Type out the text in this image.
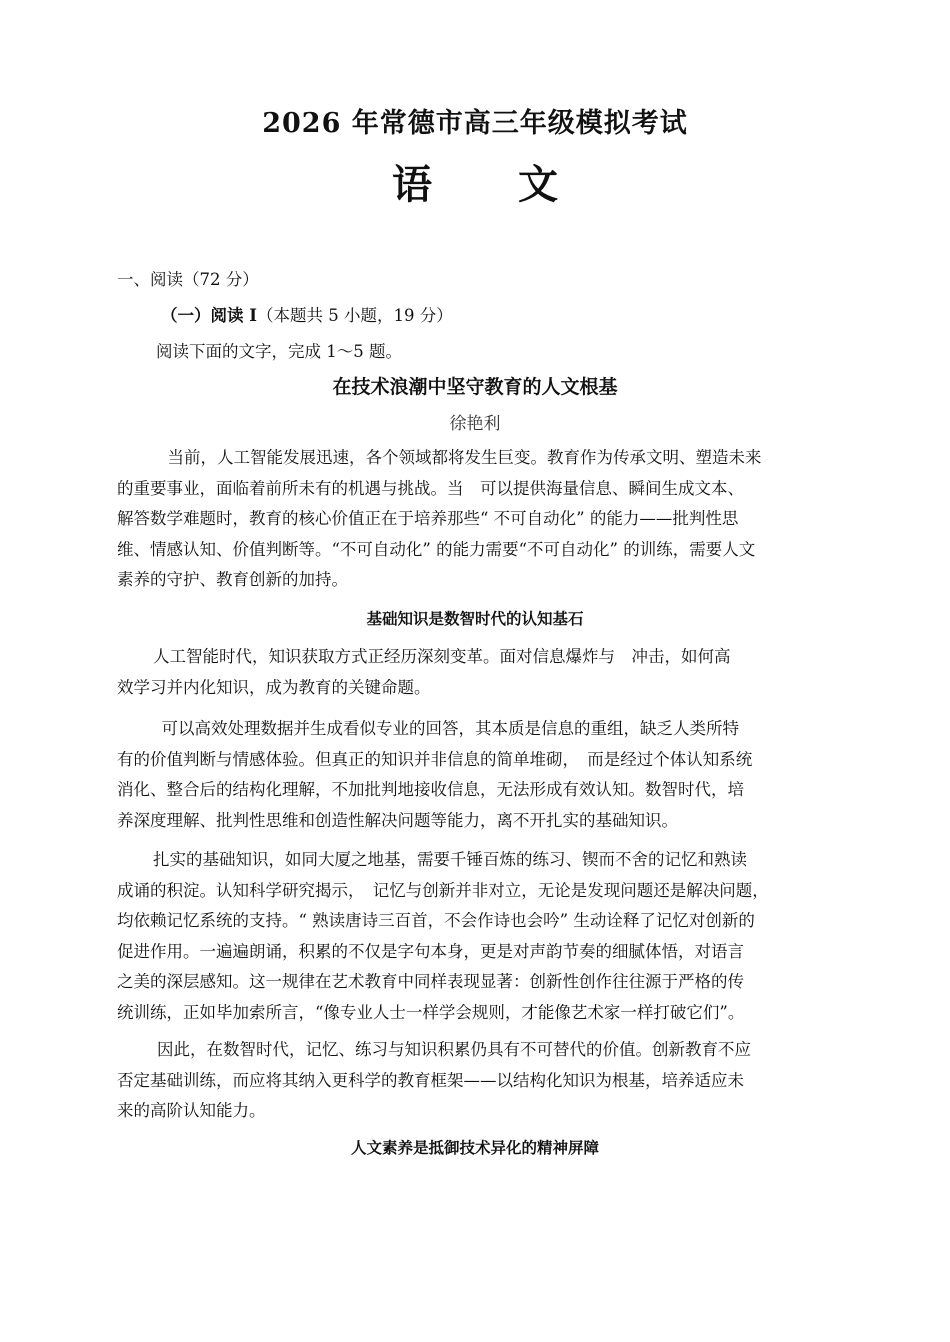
2026 年常德市高三年级模拟考试
语 文
一、阅读（72 分）
（一）阅读 Ⅰ（本题共 5 小题，19 分）
阅读下面的文字，完成 1～5 题。
在技术浪潮中坚守教育的人文根基
徐艳利
　当前，人工智能发展迅速，各个领域都将发生巨变。教育作为传承文明、塑造未来
的重要事业，面临着前所未有的机遇与挑战。当　可以提供海量信息、瞬间生成文本、
解答数学难题时，教育的核心价值正在于培养那些“ 不可自动化” 的能力——批判性思
维、情感认知、价值判断等。“不可自动化” 的能力需要“不可自动化” 的训练，需要人文
素养的守护、教育创新的加持。
基础知识是数智时代的认知基石
人工智能时代，知识获取方式正经历深刻变革。面对信息爆炸与　冲击，如何高
效学习并内化知识，成为教育的关键命题。
　可以高效处理数据并生成看似专业的回答，其本质是信息的重组，缺乏人类所特
有的价值判断与情感体验。但真正的知识并非信息的简单堆砌，　而是经过个体认知系统
消化、整合后的结构化理解，不加批判地接收信息，无法形成有效认知。数智时代，培
养深度理解、批判性思维和创造性解决问题等能力，离不开扎实的基础知识。
扎实的基础知识，如同大厦之地基，需要千锤百炼的练习、锲而不舍的记忆和熟读
成诵的积淀。认知科学研究揭示，　记忆与创新并非对立，无论是发现问题还是解决问题，
均依赖记忆系统的支持。“ 熟读唐诗三百首，不会作诗也会吟” 生动诠释了记忆对创新的
促进作用。一遍遍朗诵，积累的不仅是字句本身，更是对声韵节奏的细腻体悟，对语言
之美的深层感知。这一规律在艺术教育中同样表现显著：创新性创作往往源于严格的传
统训练，正如毕加索所言，“像专业人士一样学会规则，才能像艺术家一样打破它们”。
因此，在数智时代，记忆、练习与知识积累仍具有不可替代的价值。创新教育不应
否定基础训练，而应将其纳入更科学的教育框架——以结构化知识为根基，培养适应未
来的高阶认知能力。
人文素养是抵御技术异化的精神屏障
